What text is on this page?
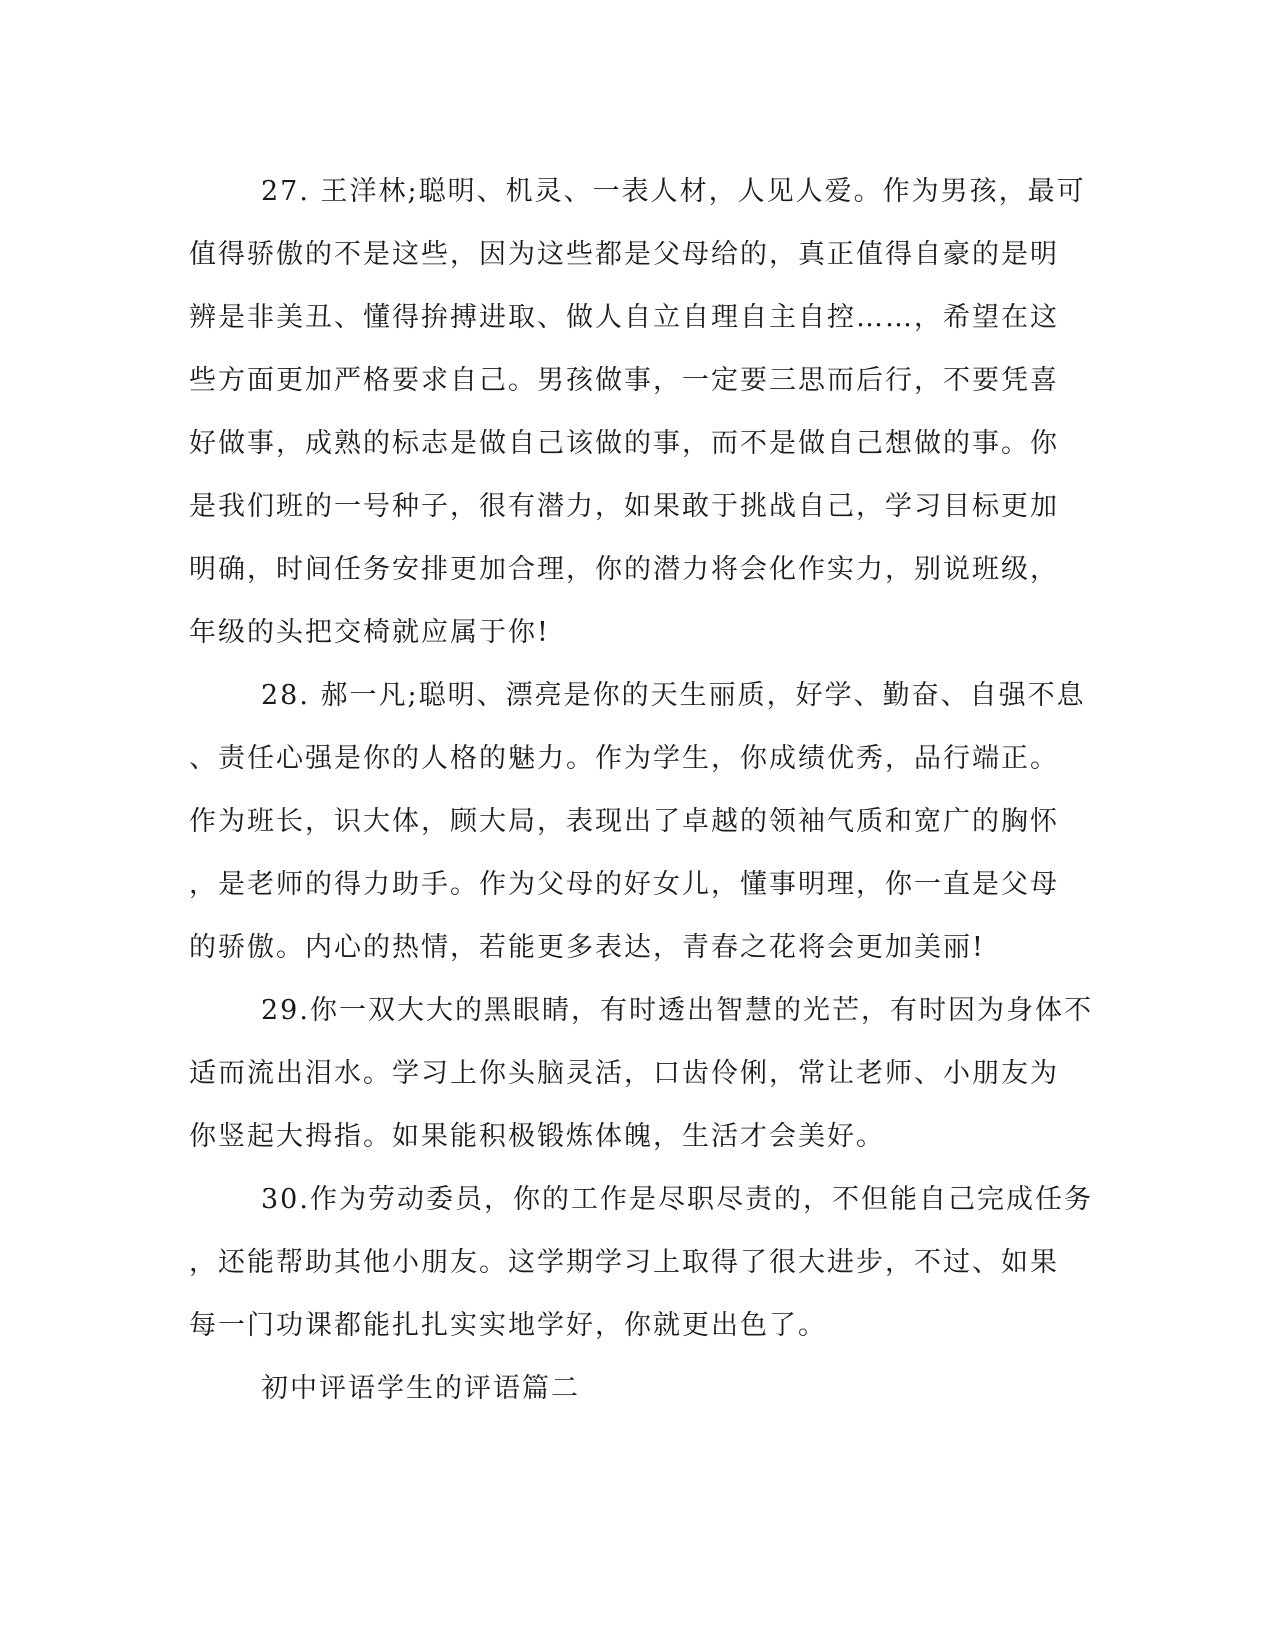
27. 王洋林;聪明、机灵、一表人材，人见人爱。作为男孩，最可
值得骄傲的不是这些，因为这些都是父母给的，真正值得自豪的是明
辨是非美丑、懂得拚搏进取、做人自立自理自主自控……，希望在这
些方面更加严格要求自己。男孩做事，一定要三思而后行，不要凭喜
好做事，成熟的标志是做自己该做的事，而不是做自己想做的事。你
是我们班的一号种子，很有潜力，如果敢于挑战自己，学习目标更加
明确，时间任务安排更加合理，你的潜力将会化作实力，别说班级，
年级的头把交椅就应属于你!
28. 郝一凡;聪明、漂亮是你的天生丽质，好学、勤奋、自强不息
、责任心强是你的人格的魅力。作为学生，你成绩优秀，品行端正。
作为班长，识大体，顾大局，表现出了卓越的领袖气质和宽广的胸怀
，是老师的得力助手。作为父母的好女儿，懂事明理，你一直是父母
的骄傲。内心的热情，若能更多表达，青春之花将会更加美丽!
29.你一双大大的黑眼睛，有时透出智慧的光芒，有时因为身体不
适而流出泪水。学习上你头脑灵活，口齿伶俐，常让老师、小朋友为
你竖起大拇指。如果能积极锻炼体魄，生活才会美好。
30.作为劳动委员，你的工作是尽职尽责的，不但能自己完成任务
，还能帮助其他小朋友。这学期学习上取得了很大进步，不过、如果
每一门功课都能扎扎实实地学好，你就更出色了。
初中评语学生的评语篇二
